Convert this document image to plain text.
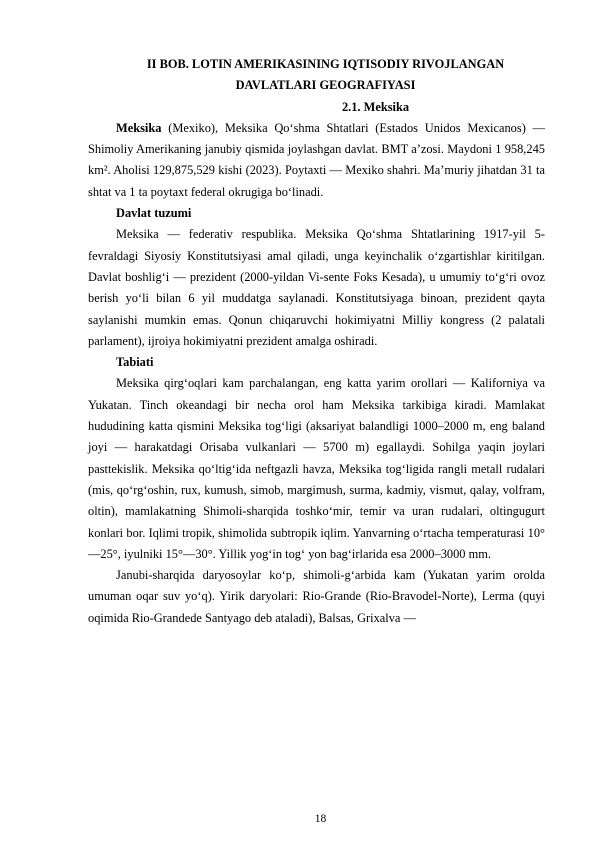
II BOB. LOTIN AMERIKASINING IQTISODIY RIVOJLANGAN
DAVLATLARI GEOGRAFIYASI
2.1. Meksika

Meksika (Mexiko), Meksika Qo‘shma Shtatlari (Estados Unidos Mexicanos) — Shimoliy Amerikaning janubiy qismida joylashgan davlat. BMT a’zosi. Maydoni 1 958,245 km². Aholisi 129,875,529 kishi (2023). Poytaxti — Mexiko shahri. Ma’muriy jihatdan 31 ta shtat va 1 ta poytaxt federal okrugiga bo‘linadi.

Davlat tuzumi

Meksika — federativ respublika. Meksika Qo‘shma Shtatlarining 1917-yil 5-fevraldagi Siyosiy Konstitutsiyasi amal qiladi, unga keyinchalik o‘zgartishlar kiritilgan. Davlat boshlig‘i — prezident (2000-yildan Vi-sente Foks Kesada), u umumiy to‘g‘ri ovoz berish yo‘li bilan 6 yil muddatga saylanadi. Konstitutsiyaga binoan, prezident qayta saylanishi mumkin emas. Qonun chiqaruvchi hokimiyatni Milliy kongress (2 palatali parlament), ijroiya hokimiyatni prezident amalga oshiradi.

Tabiati

Meksika qirg‘oqlari kam parchalangan, eng katta yarim orollari — Kaliforniya va Yukatan. Tinch okeandagi bir necha orol ham Meksika tarkibiga kiradi. Mamlakat hududining katta qismini Meksika tog‘ligi (aksariyat balandligi 1000–2000 m, eng baland joyi — harakatdagi Orisaba vulkanlari — 5700 m) egallaydi. Sohilga yaqin joylari pasttekislik. Meksika qo‘ltig‘ida neftgazli havza, Meksika tog‘ligida rangli metall rudalari (mis, qo‘rg‘oshin, rux, kumush, simob, margimush, surma, kadmiy, vismut, qalay, volfram, oltin), mamlakatning Shimoli-sharqida toshko‘mir, temir va uran rudalari, oltingugurt konlari bor. Iqlimi tropik, shimolida subtropik iqlim. Yanvarning o‘rtacha temperaturasi 10°—25°, iyulniki 15°—30°. Yillik yog‘in tog‘ yon bag‘irlarida esa 2000–3000 mm.

Janubi-sharqida daryosoylar ko‘p, shimoli-g‘arbida kam (Yukatan yarim orolda umuman oqar suv yo‘q). Yirik daryolari: Rio-Grande (Rio-Bravodel-Norte), Lerma (quyi oqimida Rio-Grandede Santyago deb ataladi), Balsas, Grixalva —

18
